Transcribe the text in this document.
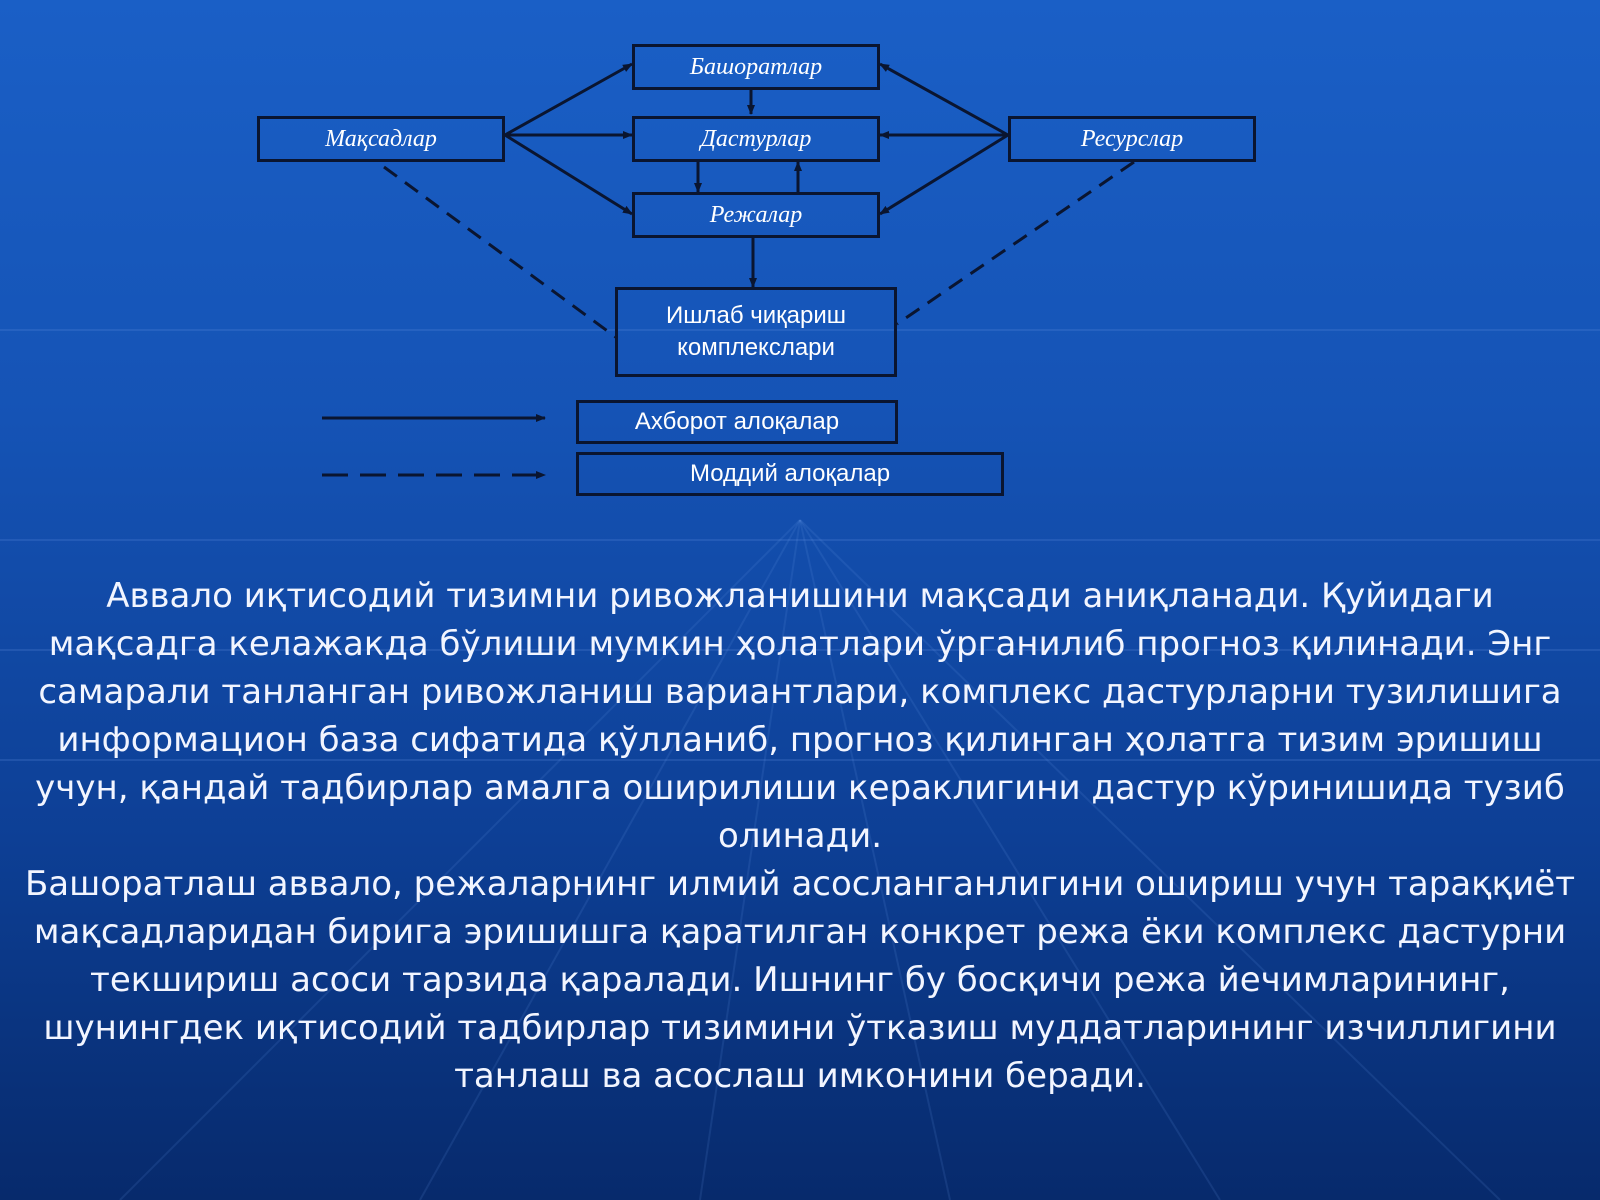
Башоратлар
Мақсадлар	Дастурлар	Ресурслар
Режалар
Ишлаб чиқариш комплекслари
Ахборот алоқалар
Моддий алоқалар

Аввало иқтисодий тизимни ривожланишини мақсади аниқланади. Қуйидаги мақсадга келажакда бўлиши мумкин ҳолатлари ўрганилиб прогноз қилинади. Энг самарали танланган ривожланиш вариантлари, комплекс дастурларни тузилишига информацион база сифатида қўлланиб, прогноз қилинган ҳолатга тизим эришиш учун, қандай тадбирлар амалга оширилиши кераклигини дастур кўринишида тузиб олинади.

Башоратлаш аввало, режаларнинг илмий асосланганлигини ошириш учун тараққиёт мақсадларидан бирига эришишга қаратилган конкрет режа ёки комплекс дастурни текшириш асоси тарзида қаралади. Ишнинг бу босқичи режа йечимларининг, шунингдек иқтисодий тадбирлар тизимини ўтказиш муддатларининг изчиллигини танлаш ва асослаш имконини беради.
